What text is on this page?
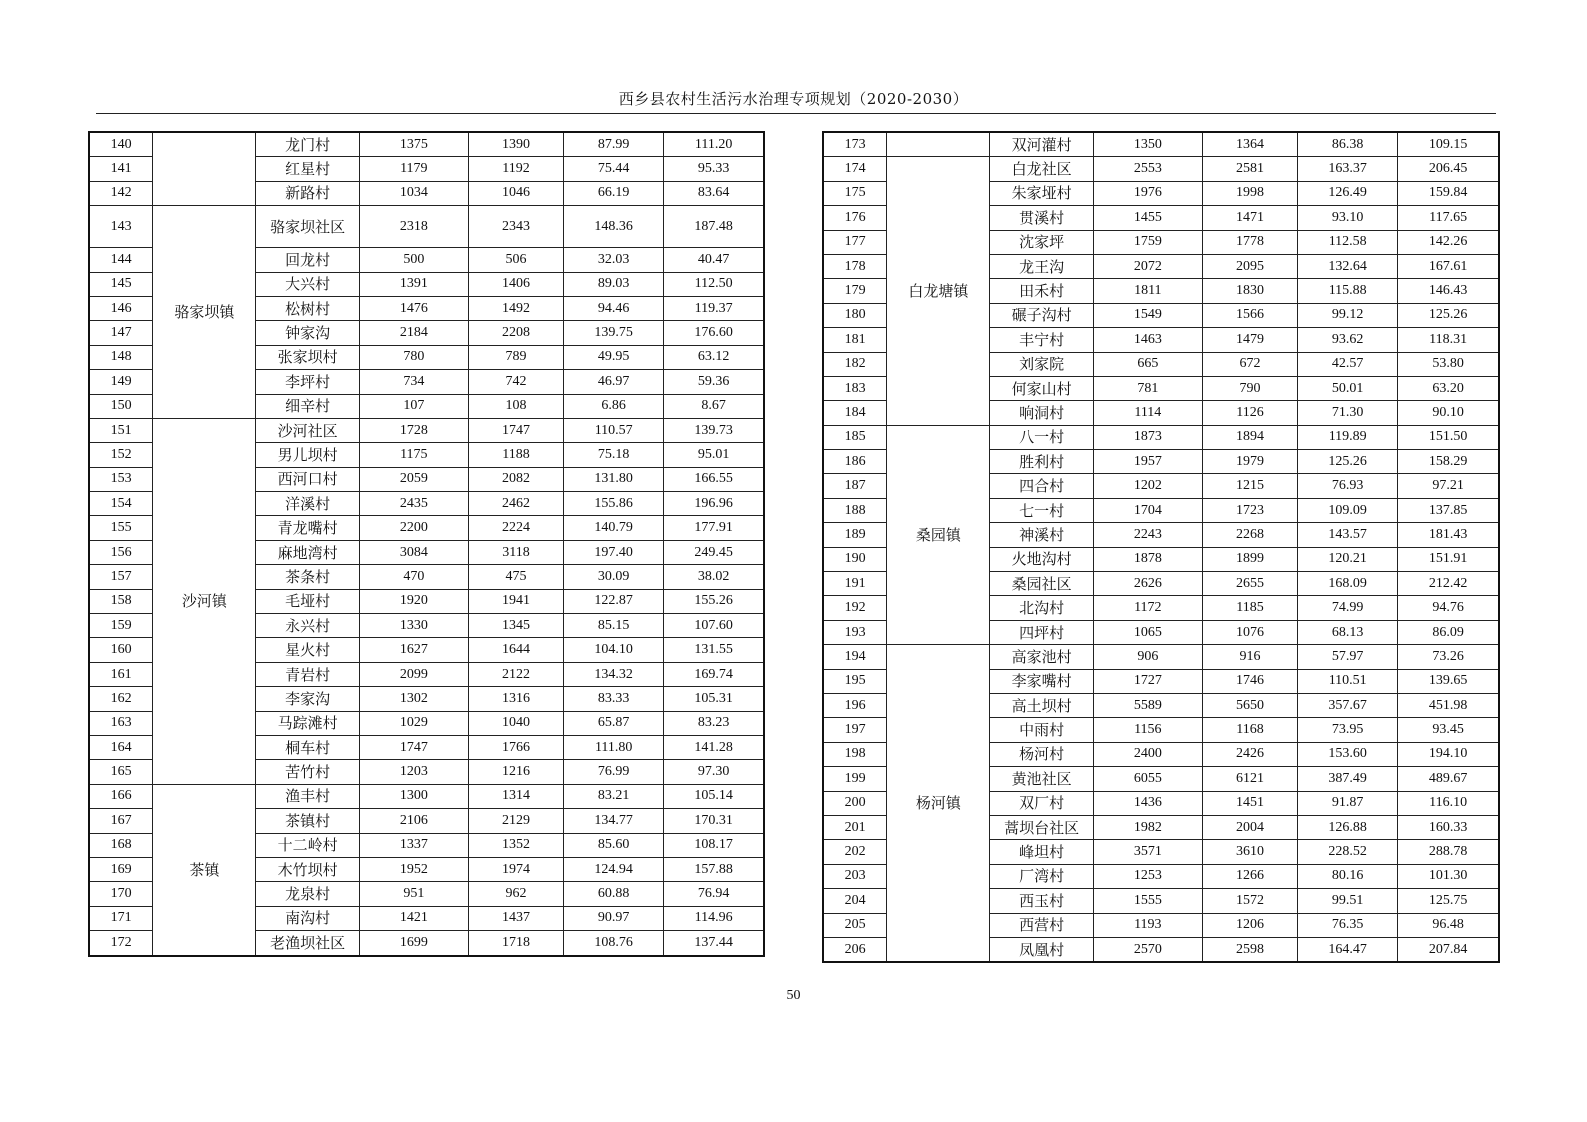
西乡县农村生活污水治理专项规划（2020-2030）
140		龙门村	1375	1390	87.99	111.20
141		红星村	1179	1192	75.44	95.33
142		新路村	1034	1046	66.19	83.64
143	骆家坝镇	骆家坝社区	2318	2343	148.36	187.48
144		回龙村	500	506	32.03	40.47
145		大兴村	1391	1406	89.03	112.50
146		松树村	1476	1492	94.46	119.37
147		钟家沟	2184	2208	139.75	176.60
148		张家坝村	780	789	49.95	63.12
149		李坪村	734	742	46.97	59.36
150		细辛村	107	108	6.86	8.67
151	沙河镇	沙河社区	1728	1747	110.57	139.73
152		男儿坝村	1175	1188	75.18	95.01
153		西河口村	2059	2082	131.80	166.55
154		洋溪村	2435	2462	155.86	196.96
155		青龙嘴村	2200	2224	140.79	177.91
156		麻地湾村	3084	3118	197.40	249.45
157		茶条村	470	475	30.09	38.02
158		毛垭村	1920	1941	122.87	155.26
159		永兴村	1330	1345	85.15	107.60
160		星火村	1627	1644	104.10	131.55
161		青岩村	2099	2122	134.32	169.74
162		李家沟	1302	1316	83.33	105.31
163		马踪滩村	1029	1040	65.87	83.23
164		桐车村	1747	1766	111.80	141.28
165		苦竹村	1203	1216	76.99	97.30
166	茶镇	渔丰村	1300	1314	83.21	105.14
167		茶镇村	2106	2129	134.77	170.31
168		十二岭村	1337	1352	85.60	108.17
169		木竹坝村	1952	1974	124.94	157.88
170		龙泉村	951	962	60.88	76.94
171		南沟村	1421	1437	90.97	114.96
172		老渔坝社区	1699	1718	108.76	137.44
173		双河灌村	1350	1364	86.38	109.15
174	白龙塘镇	白龙社区	2553	2581	163.37	206.45
175		朱家垭村	1976	1998	126.49	159.84
176		贯溪村	1455	1471	93.10	117.65
177		沈家坪	1759	1778	112.58	142.26
178		龙王沟	2072	2095	132.64	167.61
179		田禾村	1811	1830	115.88	146.43
180		碾子沟村	1549	1566	99.12	125.26
181		丰宁村	1463	1479	93.62	118.31
182		刘家院	665	672	42.57	53.80
183		何家山村	781	790	50.01	63.20
184		响洞村	1114	1126	71.30	90.10
185	桑园镇	八一村	1873	1894	119.89	151.50
186		胜利村	1957	1979	125.26	158.29
187		四合村	1202	1215	76.93	97.21
188		七一村	1704	1723	109.09	137.85
189		神溪村	2243	2268	143.57	181.43
190		火地沟村	1878	1899	120.21	151.91
191		桑园社区	2626	2655	168.09	212.42
192		北沟村	1172	1185	74.99	94.76
193		四坪村	1065	1076	68.13	86.09
194	杨河镇	高家池村	906	916	57.97	73.26
195		李家嘴村	1727	1746	110.51	139.65
196		高土坝村	5589	5650	357.67	451.98
197		中雨村	1156	1168	73.95	93.45
198		杨河村	2400	2426	153.60	194.10
199		黄池社区	6055	6121	387.49	489.67
200		双厂村	1436	1451	91.87	116.10
201		蒿坝台社区	1982	2004	126.88	160.33
202		峰坦村	3571	3610	228.52	288.78
203		厂湾村	1253	1266	80.16	101.30
204		西玉村	1555	1572	99.51	125.75
205		西营村	1193	1206	76.35	96.48
206		凤凰村	2570	2598	164.47	207.84
50
